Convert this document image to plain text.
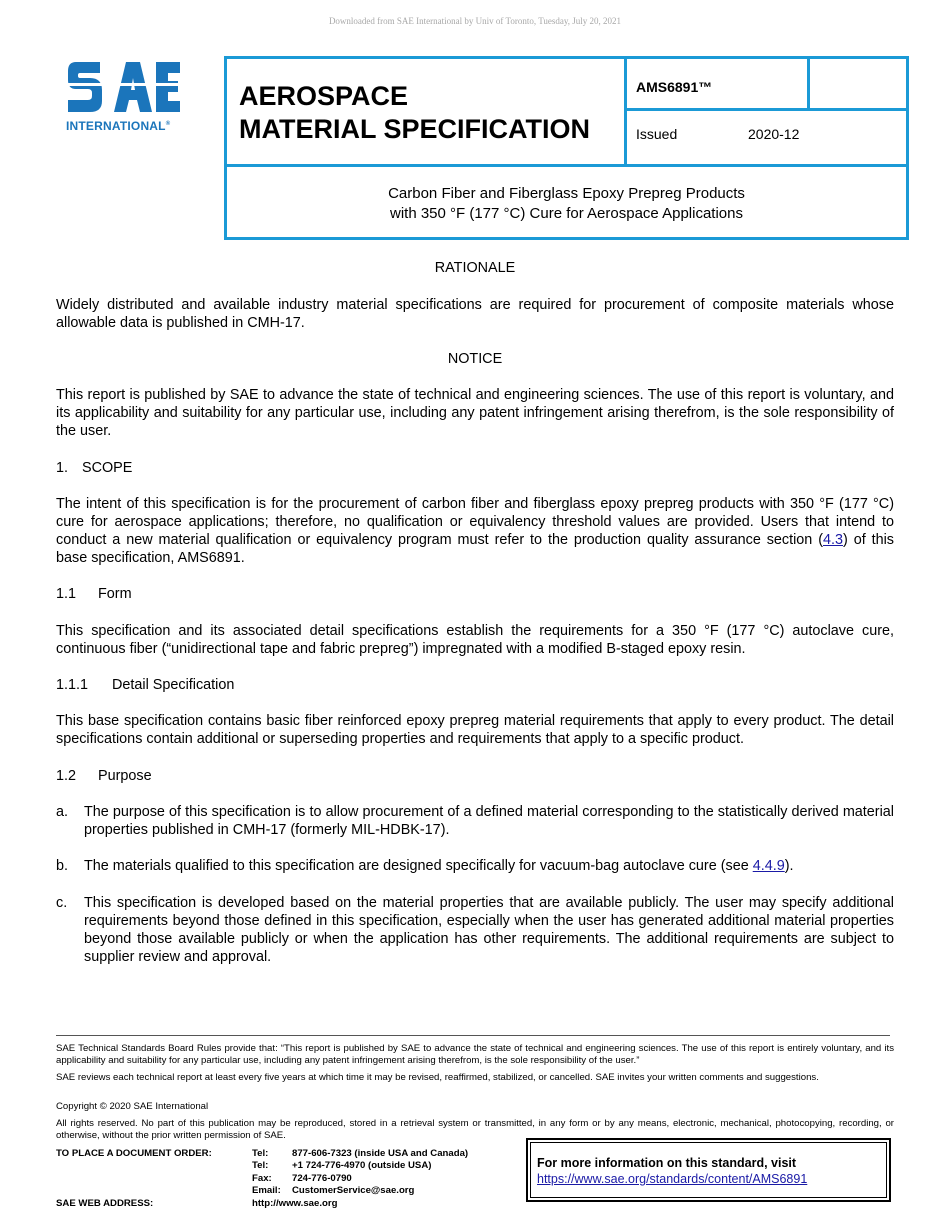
Downloaded from SAE International by Univ of Toronto, Tuesday, July 20, 2021
INTERNATIONAL®
AEROSPACE
MATERIAL SPECIFICATION
AMS6891™
Issued	2020-12
Carbon Fiber and Fiberglass Epoxy Prepreg Products
with 350 °F (177 °C) Cure for Aerospace Applications
RATIONALE
Widely distributed and available industry material specifications are required for procurement of composite materials whose allowable data is published in CMH-17.
NOTICE
This report is published by SAE to advance the state of technical and engineering sciences. The use of this report is voluntary, and its applicability and suitability for any particular use, including any patent infringement arising therefrom, is the sole responsibility of the user.
1. SCOPE
The intent of this specification is for the procurement of carbon fiber and fiberglass epoxy prepreg products with 350 °F (177 °C) cure for aerospace applications; therefore, no qualification or equivalency threshold values are provided. Users that intend to conduct a new material qualification or equivalency program must refer to the production quality assurance section (4.3) of this base specification, AMS6891.
1.1 Form
This specification and its associated detail specifications establish the requirements for a 350 °F (177 °C) autoclave cure, continuous fiber (“unidirectional tape and fabric prepreg”) impregnated with a modified B-staged epoxy resin.
1.1.1 Detail Specification
This base specification contains basic fiber reinforced epoxy prepreg material requirements that apply to every product. The detail specifications contain additional or superseding properties and requirements that apply to a specific product.
1.2 Purpose
a. The purpose of this specification is to allow procurement of a defined material corresponding to the statistically derived material properties published in CMH-17 (formerly MIL-HDBK-17).
b. The materials qualified to this specification are designed specifically for vacuum-bag autoclave cure (see 4.4.9).
c. This specification is developed based on the material properties that are available publicly. The user may specify additional requirements beyond those defined in this specification, especially when the user has generated additional material properties beyond those available publicly or when the application has other requirements. The additional requirements are subject to supplier review and approval.
SAE Technical Standards Board Rules provide that: “This report is published by SAE to advance the state of technical and engineering sciences. The use of this report is entirely voluntary, and its applicability and suitability for any particular use, including any patent infringement arising therefrom, is the sole responsibility of the user.”
SAE reviews each technical report at least every five years at which time it may be revised, reaffirmed, stabilized, or cancelled. SAE invites your written comments and suggestions.
Copyright © 2020 SAE International
All rights reserved. No part of this publication may be reproduced, stored in a retrieval system or transmitted, in any form or by any means, electronic, mechanical, photocopying, recording, or otherwise, without the prior written permission of SAE.
TO PLACE A DOCUMENT ORDER:
SAE WEB ADDRESS:
Tel:
Tel:
Fax:
Email:
877-606-7323 (inside USA and Canada)
+1 724-776-4970 (outside USA)
724-776-0790
CustomerService@sae.org
http://www.sae.org
For more information on this standard, visit
https://www.sae.org/standards/content/AMS6891
